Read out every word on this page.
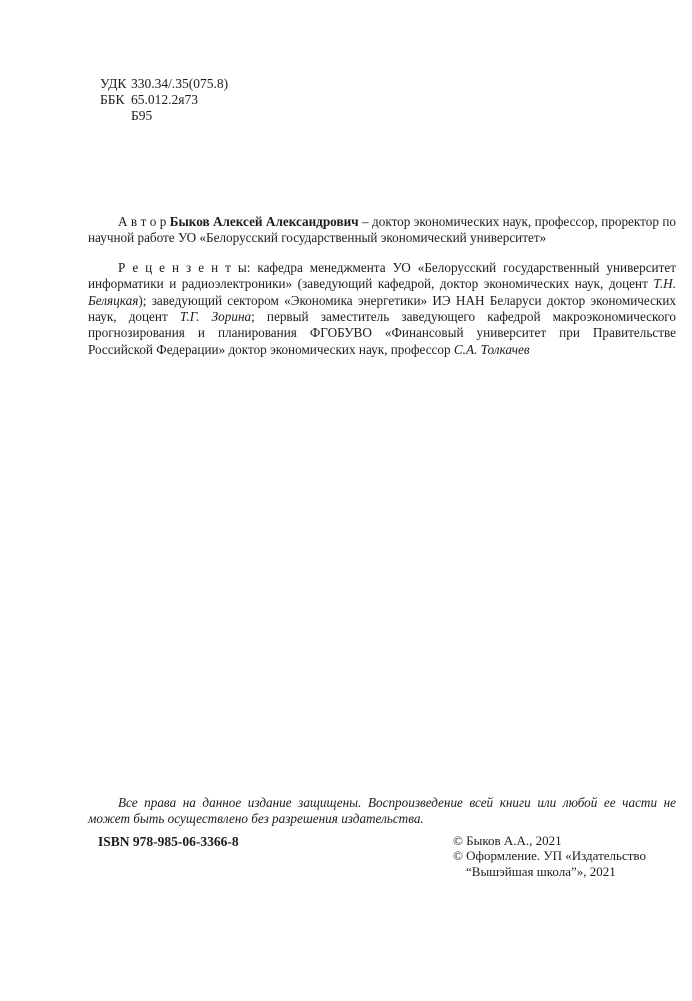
УДК 330.34/.35(075.8)
ББК 65.012.2я73
Б95

А в т о р Быков Алексей Александрович – доктор экономических наук, профессор, проректор по научной работе УО «Белорусский государственный экономический университет»

Р е ц е н з е н т ы: кафедра менеджмента УО «Белорусский государственный университет информатики и радиоэлектроники» (заведующий кафедрой, доктор экономических наук, доцент Т.Н. Беляцкая); заведующий сектором «Экономика энергетики» ИЭ НАН Беларуси доктор экономических наук, доцент Т.Г. Зорина; первый заместитель заведующего кафедрой макроэкономического прогнозирования и планирования ФГОБУВО «Финансовый университет при Правительстве Российской Федерации» доктор экономических наук, профессор С.А. Толкачев

Все права на данное издание защищены. Воспроизведение всей книги или любой ее части не может быть осуществлено без разрешения издательства.

ISBN 978-985-06-3366-8	© Быков А.А., 2021
© Оформление. УП «Издательство
“Вышэйшая школа”», 2021
